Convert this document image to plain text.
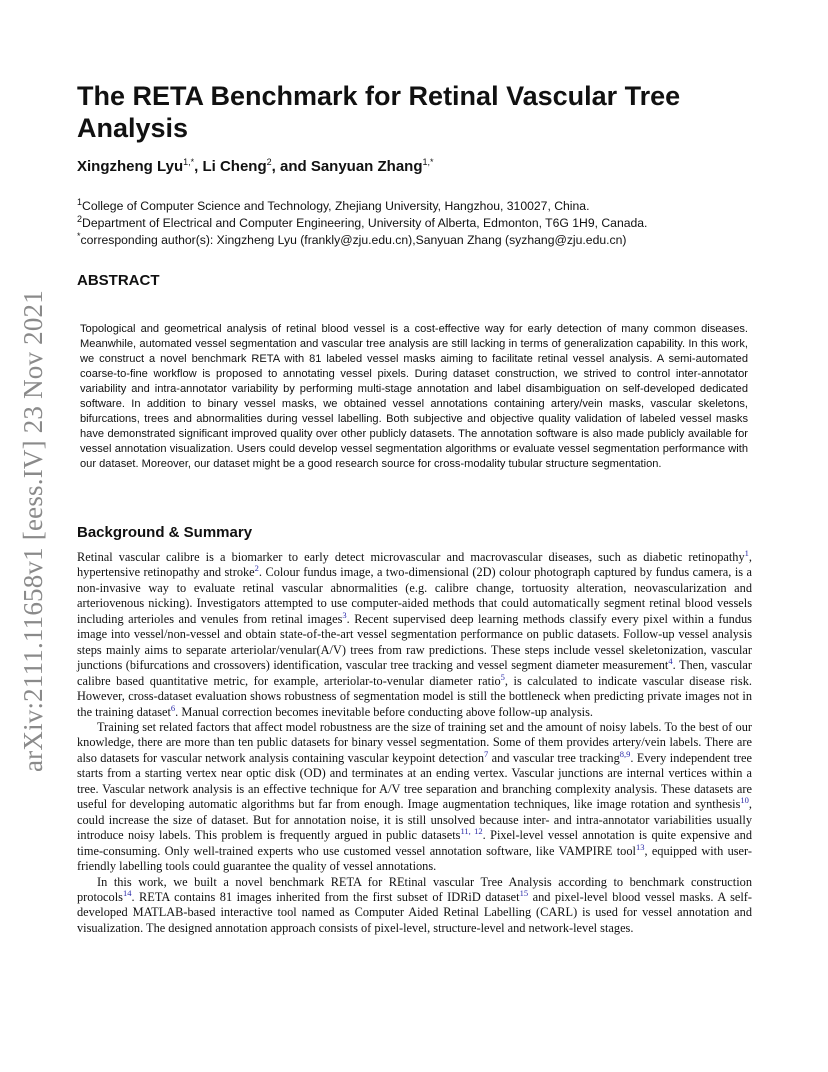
arXiv:2111.11658v1 [eess.IV] 23 Nov 2021
The RETA Benchmark for Retinal Vascular Tree Analysis
Xingzheng Lyu$^{1,*}$, Li Cheng$^2$, and Sanyuan Zhang$^{1,*}$
$^1$College of Computer Science and Technology, Zhejiang University, Hangzhou, 310027, China.
$^2$Department of Electrical and Computer Engineering, University of Alberta, Edmonton, T6G 1H9, Canada.
*corresponding author(s): Xingzheng Lyu (frankly@zju.edu.cn),Sanyuan Zhang (syzhang@zju.edu.cn)
ABSTRACT
Topological and geometrical analysis of retinal blood vessel is a cost-effective way for early detection of many common diseases. Meanwhile, automated vessel segmentation and vascular tree analysis are still lacking in terms of generalization capability. In this work, we construct a novel benchmark RETA with 81 labeled vessel masks aiming to facilitate retinal vessel analysis. A semi-automated coarse-to-fine workflow is proposed to annotating vessel pixels. During dataset construction, we strived to control inter-annotator variability and intra-annotator variability by performing multi-stage annotation and label disambiguation on self-developed dedicated software. In addition to binary vessel masks, we obtained vessel annotations containing artery/vein masks, vascular skeletons, bifurcations, trees and abnormalities during vessel labelling. Both subjective and objective quality validation of labeled vessel masks have demonstrated significant improved quality over other publicly datasets. The annotation software is also made publicly available for vessel annotation visualization. Users could develop vessel segmentation algorithms or evaluate vessel segmentation performance with our dataset. Moreover, our dataset might be a good research source for cross-modality tubular structure segmentation.
Background & Summary

Retinal vascular calibre is a biomarker to early detect microvascular and macrovascular diseases, such as diabetic retinopathy$^1$, hypertensive retinopathy and stroke$^2$. Colour fundus image, a two-dimensional (2D) colour photograph captured by fundus camera, is a non-invasive way to evaluate retinal vascular abnormalities (e.g. calibre change, tortuosity alteration, neovascularization and arteriovenous nicking). Investigators attempted to use computer-aided methods that could automatically segment retinal blood vessels including arterioles and venules from retinal images$^3$. Recent supervised deep learning methods classify every pixel within a fundus image into vessel/non-vessel and obtain state-of-the-art vessel segmentation performance on public datasets. Follow-up vessel analysis steps mainly aims to separate arteriolar/venular(A/V) trees from raw predictions. These steps include vessel skeletonization, vascular junctions (bifurcations and crossovers) identification, vascular tree tracking and vessel segment diameter measurement$^4$. Then, vascular calibre based quantitative metric, for example, arteriolar-to-venular diameter ratio$^5$, is calculated to indicate vascular disease risk. However, cross-dataset evaluation shows robustness of segmentation model is still the bottleneck when predicting private images not in the training dataset$^6$. Manual correction becomes inevitable before conducting above follow-up analysis.

Training set related factors that affect model robustness are the size of training set and the amount of noisy labels. To the best of our knowledge, there are more than ten public datasets for binary vessel segmentation. Some of them provides artery/vein labels. There are also datasets for vascular network analysis containing vascular keypoint detection$^7$ and vascular tree tracking$^{8,9}$. Every independent tree starts from a starting vertex near optic disk (OD) and terminates at an ending vertex. Vascular junctions are internal vertices within a tree. Vascular network analysis is an effective technique for A/V tree separation and branching complexity analysis. These datasets are useful for developing automatic algorithms but far from enough. Image augmentation techniques, like image rotation and synthesis$^{10}$, could increase the size of dataset. But for annotation noise, it is still unsolved because inter- and intra-annotator variabilities usually introduce noisy labels. This problem is frequently argued in public datasets$^{11, 12}$. Pixel-level vessel annotation is quite expensive and time-consuming. Only well-trained experts who use customed vessel annotation software, like VAMPIRE tool$^{13}$, equipped with user-friendly labelling tools could guarantee the quality of vessel annotations.

In this work, we built a novel benchmark RETA for REtinal vascular Tree Analysis according to benchmark construction protocols$^{14}$. RETA contains 81 images inherited from the first subset of IDRiD dataset$^{15}$ and pixel-level blood vessel masks. A self-developed MATLAB-based interactive tool named as Computer Aided Retinal Labelling (CARL) is used for vessel annotation and visualization. The designed annotation approach consists of pixel-level, structure-level and network-level stages.
